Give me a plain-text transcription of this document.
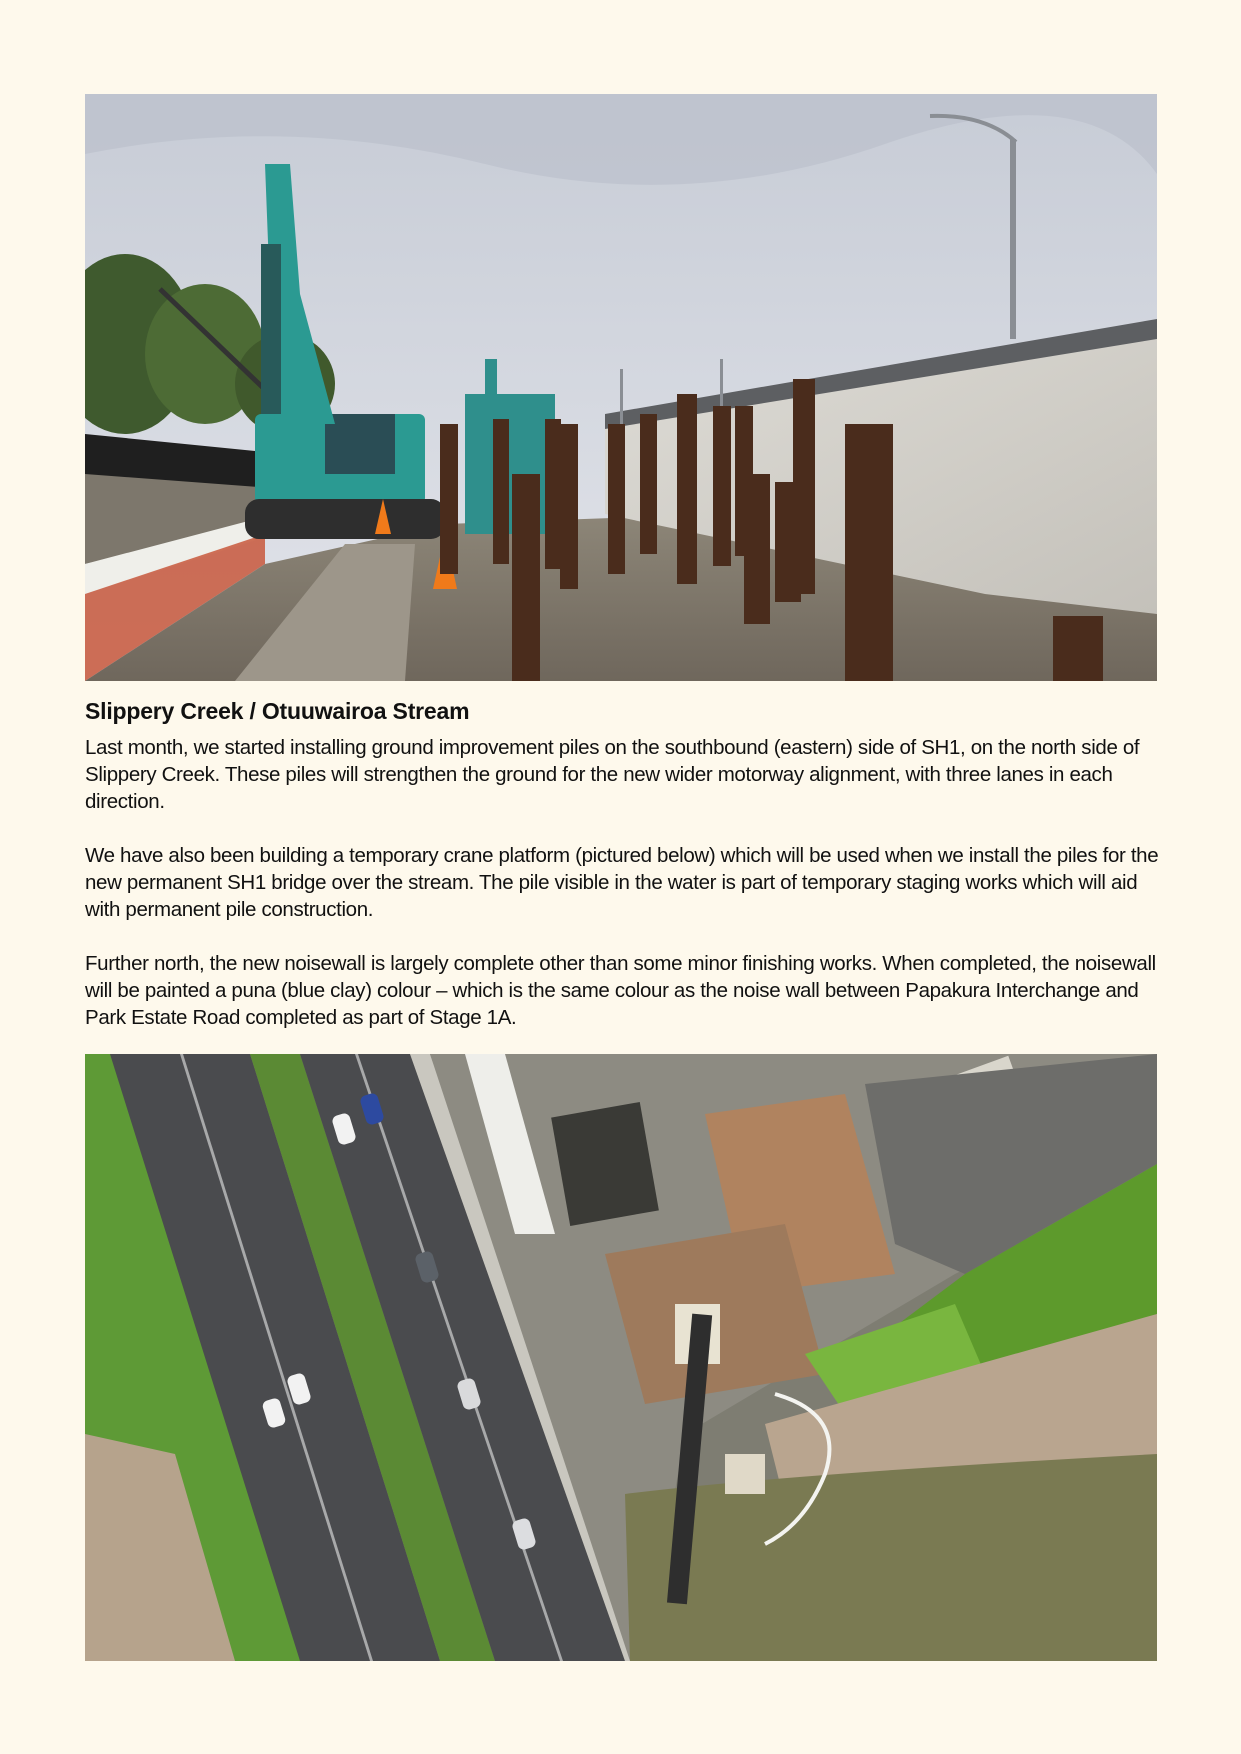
Slippery Creek / Otuuwairoa Stream

Last month, we started installing ground improvement piles on the southbound (eastern) side of SH1, on the north side of Slippery Creek. These piles will strengthen the ground for the new wider motorway alignment, with three lanes in each direction.

We have also been building a temporary crane platform (pictured below) which will be used when we install the piles for the new permanent SH1 bridge over the stream. The pile visible in the water is part of temporary staging works which will aid with permanent pile construction.

Further north, the new noisewall is largely complete other than some minor finishing works. When completed, the noisewall will be painted a puna (blue clay) colour – which is the same colour as the noise wall between Papakura Interchange and Park Estate Road completed as part of Stage 1A.
